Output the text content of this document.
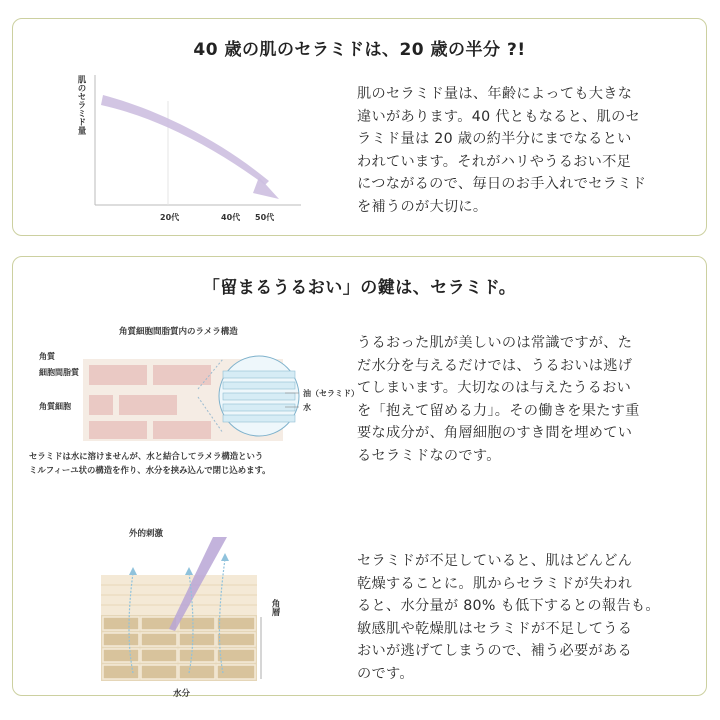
40 歳の肌のセラミドは、20 歳の半分 ?!
肌のセラミド量
20代	40代 50代
肌のセラミド量は、年齢によっても大きな
違いがあります。40 代ともなると、肌のセ
ラミド量は 20 歳の約半分にまでなるとい
われています。それがハリやうるおい不足
につながるので、毎日のお手入れでセラミド
を補うのが大切に。
「留まるうるおい」の鍵は、セラミド。
角質細胞間脂質内のラメラ構造
角質
細胞間脂質
角質細胞
油（セラミド）
水
セラミドは水に溶けませんが、水と結合してラメラ構造という
ミルフィーユ状の構造を作り、水分を挟み込んで閉じ込めます。
うるおった肌が美しいのは常識ですが、た
だ水分を与えるだけでは、うるおいは逃げ
てしまいます。大切なのは与えたうるおい
を「抱えて留める力」。その働きを果たす重
要な成分が、角層細胞のすき間を埋めてい
るセラミドなのです。
外的刺激
角層
水分
セラミドが不足していると、肌はどんどん
乾燥することに。肌からセラミドが失われ
ると、水分量が 80% も低下するとの報告も。
敏感肌や乾燥肌はセラミドが不足してうる
おいが逃げてしまうので、補う必要がある
のです。
